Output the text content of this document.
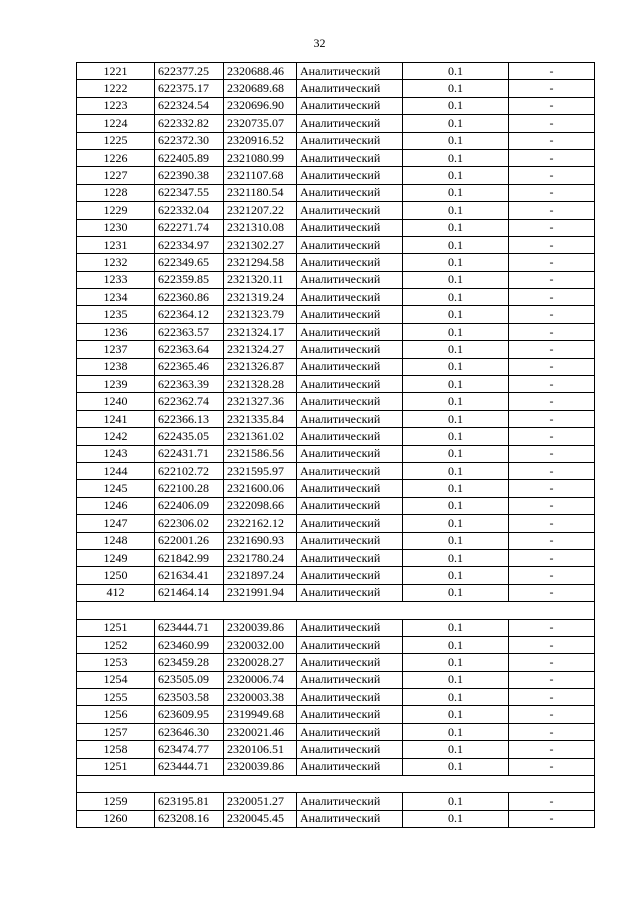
32
1221	622377.25	2320688.46	Аналитический	0.1	-
1222	622375.17	2320689.68	Аналитический	0.1	-
1223	622324.54	2320696.90	Аналитический	0.1	-
1224	622332.82	2320735.07	Аналитический	0.1	-
1225	622372.30	2320916.52	Аналитический	0.1	-
1226	622405.89	2321080.99	Аналитический	0.1	-
1227	622390.38	2321107.68	Аналитический	0.1	-
1228	622347.55	2321180.54	Аналитический	0.1	-
1229	622332.04	2321207.22	Аналитический	0.1	-
1230	622271.74	2321310.08	Аналитический	0.1	-
1231	622334.97	2321302.27	Аналитический	0.1	-
1232	622349.65	2321294.58	Аналитический	0.1	-
1233	622359.85	2321320.11	Аналитический	0.1	-
1234	622360.86	2321319.24	Аналитический	0.1	-
1235	622364.12	2321323.79	Аналитический	0.1	-
1236	622363.57	2321324.17	Аналитический	0.1	-
1237	622363.64	2321324.27	Аналитический	0.1	-
1238	622365.46	2321326.87	Аналитический	0.1	-
1239	622363.39	2321328.28	Аналитический	0.1	-
1240	622362.74	2321327.36	Аналитический	0.1	-
1241	622366.13	2321335.84	Аналитический	0.1	-
1242	622435.05	2321361.02	Аналитический	0.1	-
1243	622431.71	2321586.56	Аналитический	0.1	-
1244	622102.72	2321595.97	Аналитический	0.1	-
1245	622100.28	2321600.06	Аналитический	0.1	-
1246	622406.09	2322098.66	Аналитический	0.1	-
1247	622306.02	2322162.12	Аналитический	0.1	-
1248	622001.26	2321690.93	Аналитический	0.1	-
1249	621842.99	2321780.24	Аналитический	0.1	-
1250	621634.41	2321897.24	Аналитический	0.1	-
412	621464.14	2321991.94	Аналитический	0.1	-

1251	623444.71	2320039.86	Аналитический	0.1	-
1252	623460.99	2320032.00	Аналитический	0.1	-
1253	623459.28	2320028.27	Аналитический	0.1	-
1254	623505.09	2320006.74	Аналитический	0.1	-
1255	623503.58	2320003.38	Аналитический	0.1	-
1256	623609.95	2319949.68	Аналитический	0.1	-
1257	623646.30	2320021.46	Аналитический	0.1	-
1258	623474.77	2320106.51	Аналитический	0.1	-
1251	623444.71	2320039.86	Аналитический	0.1	-

1259	623195.81	2320051.27	Аналитический	0.1	-
1260	623208.16	2320045.45	Аналитический	0.1	-
